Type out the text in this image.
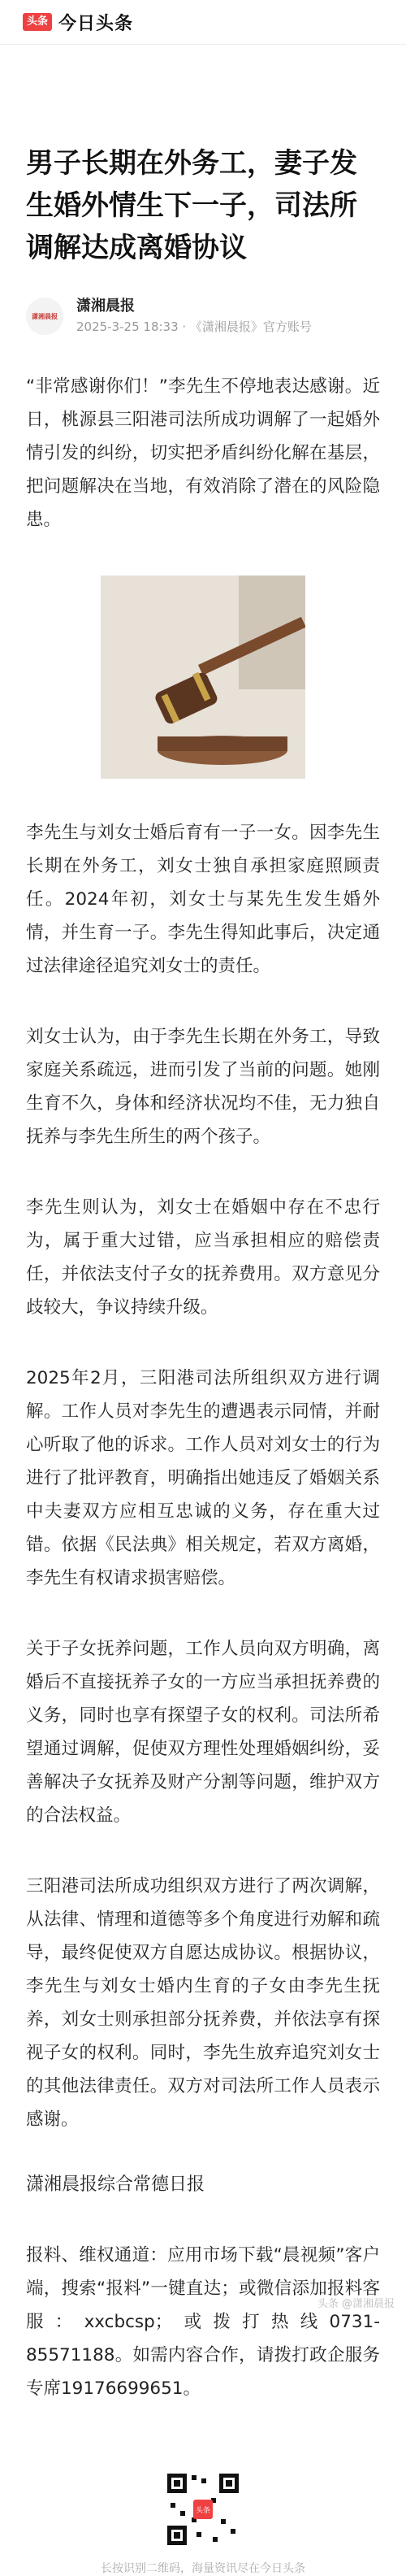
头条 今日头条
男子长期在外务工，妻子发生婚外情生下一子，司法所调解达成离婚协议
潇湘晨报
潇湘晨报
2025-3-25 18:33 · 《潇湘晨报》官方账号

“非常感谢你们！”李先生不停地表达感谢。近日，桃源县三阳港司法所成功调解了一起婚外情引发的纠纷，切实把矛盾纠纷化解在基层，把问题解决在当地，有效消除了潜在的风险隐患。

李先生与刘女士婚后育有一子一女。因李先生长期在外务工，刘女士独自承担家庭照顾责任。2024年初，刘女士与某先生发生婚外情，并生育一子。李先生得知此事后，决定通过法律途径追究刘女士的责任。

刘女士认为，由于李先生长期在外务工，导致家庭关系疏远，进而引发了当前的问题。她刚生育不久，身体和经济状况均不佳，无力独自抚养与李先生所生的两个孩子。

李先生则认为，刘女士在婚姻中存在不忠行为，属于重大过错，应当承担相应的赔偿责任，并依法支付子女的抚养费用。双方意见分歧较大，争议持续升级。

2025年2月，三阳港司法所组织双方进行调解。工作人员对李先生的遭遇表示同情，并耐心听取了他的诉求。工作人员对刘女士的行为进行了批评教育，明确指出她违反了婚姻关系中夫妻双方应相互忠诚的义务，存在重大过错。依据《民法典》相关规定，若双方离婚，李先生有权请求损害赔偿。

关于子女抚养问题，工作人员向双方明确，离婚后不直接抚养子女的一方应当承担抚养费的义务，同时也享有探望子女的权利。司法所希望通过调解，促使双方理性处理婚姻纠纷，妥善解决子女抚养及财产分割等问题，维护双方的合法权益。

三阳港司法所成功组织双方进行了两次调解，从法律、情理和道德等多个角度进行劝解和疏导，最终促使双方自愿达成协议。根据协议，李先生与刘女士婚内生育的子女由李先生抚养，刘女士则承担部分抚养费，并依法享有探视子女的权利。同时，李先生放弃追究刘女士的其他法律责任。双方对司法所工作人员表示感谢。

潇湘晨报综合常德日报

报料、维权通道：应用市场下载“晨视频”客户端，搜索“报料”一键直达；或微信添加报料客服：xxcbcsp；或拨打热线0731-85571188。如需内容合作，请拨打政企服务专席19176699651。

头条
长按识别二维码，海量资讯尽在今日头条
头条 @潇湘晨报
